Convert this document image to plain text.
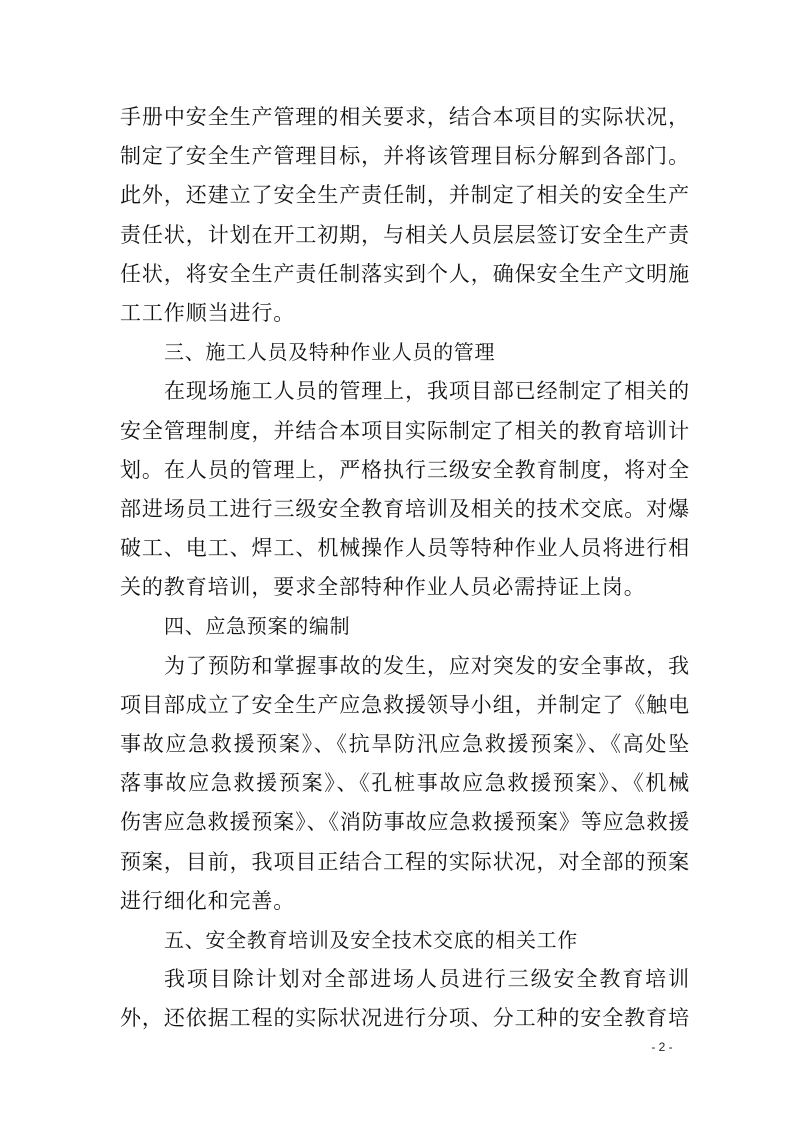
手册中安全生产管理的相关要求，结合本项目的实际状况，
制定了安全生产管理目标，并将该管理目标分解到各部门。
此外，还建立了安全生产责任制，并制定了相关的安全生产
责任状，计划在开工初期，与相关人员层层签订安全生产责
任状，将安全生产责任制落实到个人，确保安全生产文明施
工工作顺当进行。
三、施工人员及特种作业人员的管理
在现场施工人员的管理上，我项目部已经制定了相关的
安全管理制度，并结合本项目实际制定了相关的教育培训计
划。在人员的管理上，严格执行三级安全教育制度，将对全
部进场员工进行三级安全教育培训及相关的技术交底。对爆
破工、电工、焊工、机械操作人员等特种作业人员将进行相
关的教育培训，要求全部特种作业人员必需持证上岗。
四、应急预案的编制
为了预防和掌握事故的发生，应对突发的安全事故，我
项目部成立了安全生产应急救援领导小组，并制定了《触电
事故应急救援预案》、《抗旱防汛应急救援预案》、《高处坠
落事故应急救援预案》、《孔桩事故应急救援预案》、《机械
伤害应急救援预案》、《消防事故应急救援预案》等应急救援
预案，目前，我项目正结合工程的实际状况，对全部的预案
进行细化和完善。
五、安全教育培训及安全技术交底的相关工作
我项目除计划对全部进场人员进行三级安全教育培训
外，还依据工程的实际状况进行分项、分工种的安全教育培
- 2 -
